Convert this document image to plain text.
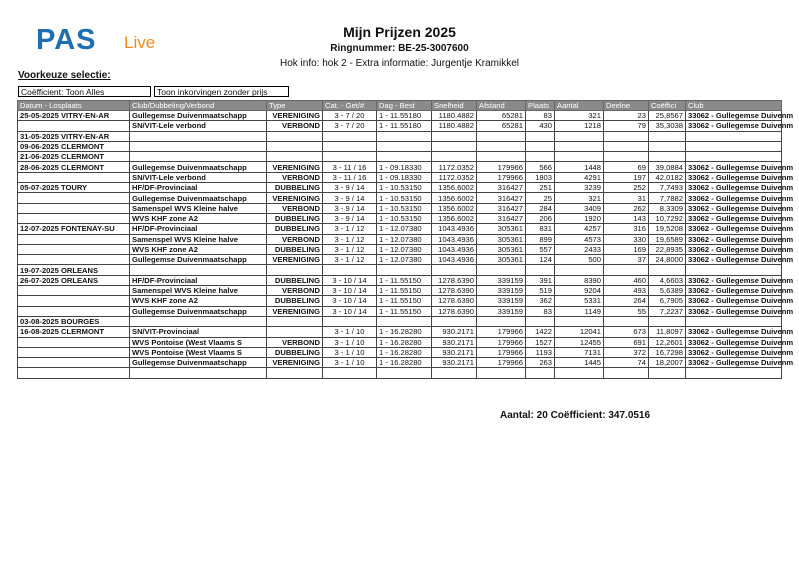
PAS Live
Mijn Prijzen 2025
Ringnummer: BE-25-3007600
Hok info: hok 2 - Extra informatie: Jurgentje Kramikkel
Voorkeuze selectie:
Coëfficient: Toon Alles	Toon inkorvingen zonder prijs
Datum - Losplaats	Club/Dubbeling/Verbond	Type	Cat. - Get/#	Dag - Best	Snelheid	Afstand	Plaats	Aantal	Deelne	Coëffici	Club
25-05-2025 VITRY-EN-AR	Gullegemse Duivenmaatschapp	VERENIGING	3 - 7 / 20	1 - 11.55180	1180.4882	65281	83	321	23	25,8567	33062 - Gullegemse Duivenm
	SN/VIT-Lele verbond	VERBOND	3 - 7 / 20	1 - 11.55180	1180.4882	65281	430	1218	79	35,3038	33062 - Gullegemse Duivenm
31-05-2025 VITRY-EN-AR											
09-06-2025 CLERMONT											
21-06-2025 CLERMONT											
28-06-2025 CLERMONT	Gullegemse Duivenmaatschapp	VERENIGING	3 - 11 / 16	1 - 09.18330	1172.0352	179966	566	1448	69	39,0884	33062 - Gullegemse Duivenm
	SN/VIT-Lele verbond	VERBOND	3 - 11 / 16	1 - 09.18330	1172.0352	179966	1803	4291	197	42,0182	33062 - Gullegemse Duivenm
05-07-2025 TOURY	HF/DF-Provinciaal	DUBBELING	3 - 9 / 14	1 - 10.53150	1356.6002	316427	251	3239	252	7,7493	33062 - Gullegemse Duivenm
	Gullegemse Duivenmaatschapp	VERENIGING	3 - 9 / 14	1 - 10.53150	1356.6002	316427	25	321	31	7,7882	33062 - Gullegemse Duivenm
	Samenspel WVS Kleine halve	VERBOND	3 - 9 / 14	1 - 10.53150	1356.6002	316427	284	3409	262	8,3309	33062 - Gullegemse Duivenm
	WVS KHF zone A2	DUBBELING	3 - 9 / 14	1 - 10.53150	1356.6002	316427	206	1920	143	10,7292	33062 - Gullegemse Duivenm
12-07-2025 FONTENAY-SU	HF/DF-Provinciaal	DUBBELING	3 - 1 / 12	1 - 12.07380	1043.4936	305361	831	4257	316	19,5208	33062 - Gullegemse Duivenm
	Samenspel WVS Kleine halve	VERBOND	3 - 1 / 12	1 - 12.07380	1043.4936	305361	899	4573	330	19,6589	33062 - Gullegemse Duivenm
	WVS KHF zone A2	DUBBELING	3 - 1 / 12	1 - 12.07380	1043.4936	305361	557	2433	169	22,8935	33062 - Gullegemse Duivenm
	Gullegemse Duivenmaatschapp	VERENIGING	3 - 1 / 12	1 - 12.07380	1043.4936	305361	124	500	37	24,8000	33062 - Gullegemse Duivenm
19-07-2025 ORLEANS											
26-07-2025 ORLEANS	HF/DF-Provinciaal	DUBBELING	3 - 10 / 14	1 - 11.55150	1278.6390	339159	391	8390	460	4,6603	33062 - Gullegemse Duivenm
	Samenspel WVS Kleine halve	VERBOND	3 - 10 / 14	1 - 11.55150	1278.6390	339159	519	9204	493	5,6389	33062 - Gullegemse Duivenm
	WVS KHF zone A2	DUBBELING	3 - 10 / 14	1 - 11.55150	1278.6390	339159	362	5331	264	6,7905	33062 - Gullegemse Duivenm
	Gullegemse Duivenmaatschapp	VERENIGING	3 - 10 / 14	1 - 11.55150	1278.6390	339159	83	1149	55	7,2237	33062 - Gullegemse Duivenm
03-08-2025 BOURGES											
16-08-2025 CLERMONT	SN/VIT-Provinciaal		3 - 1 / 10	1 - 16.28280	930.2171	179966	1422	12041	673	11,8097	33062 - Gullegemse Duivenm
	WVS Pontoise (West Vlaams S	VERBOND	3 - 1 / 10	1 - 16.28280	930.2171	179966	1527	12455	691	12,2601	33062 - Gullegemse Duivenm
	WVS Pontoise (West Vlaams S	DUBBELING	3 - 1 / 10	1 - 16.28280	930.2171	179966	1193	7131	372	16,7298	33062 - Gullegemse Duivenm
	Gullegemse Duivenmaatschapp	VERENIGING	3 - 1 / 10	1 - 16.28280	930.2171	179966	263	1445	74	18,2007	33062 - Gullegemse Duivenm

Aantal: 20 Coëfficient: 347.0516
